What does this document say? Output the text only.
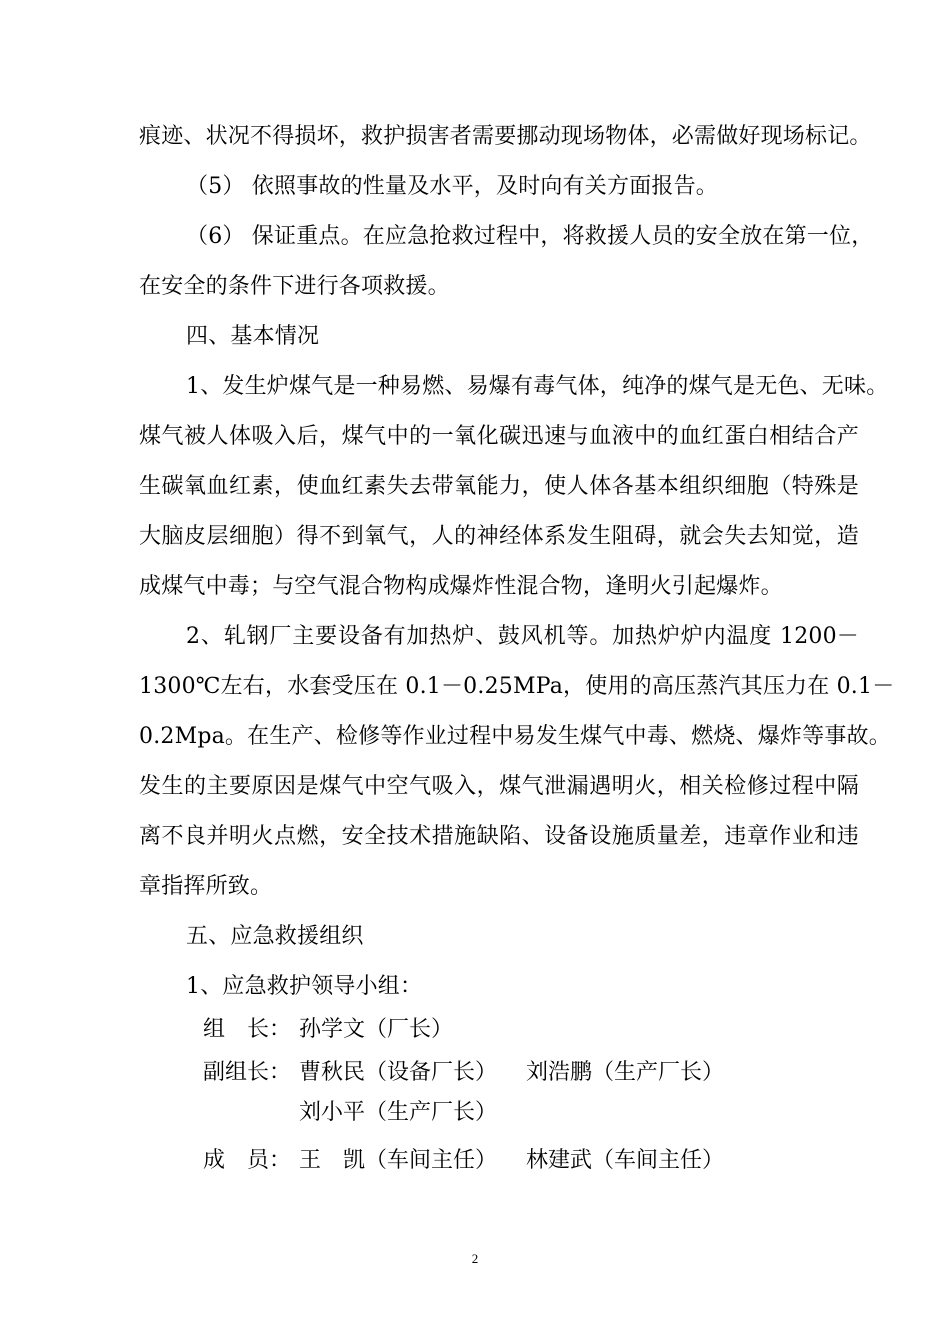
痕迹、状况不得损坏，救护损害者需要挪动现场物体，必需做好现场标记。
（5） 依照事故的性量及水平，及时向有关方面报告。
（6） 保证重点。在应急抢救过程中，将救援人员的安全放在第一位，
在安全的条件下进行各项救援。
四、基本情况
1、发生炉煤气是一种易燃、易爆有毒气体，纯净的煤气是无色、无味。
煤气被人体吸入后，煤气中的一氧化碳迅速与血液中的血红蛋白相结合产
生碳氧血红素，使血红素失去带氧能力，使人体各基本组织细胞（特殊是
大脑皮层细胞）得不到氧气，人的神经体系发生阻碍，就会失去知觉，造
成煤气中毒；与空气混合物构成爆炸性混合物，逢明火引起爆炸。
2、轧钢厂主要设备有加热炉、鼓风机等。加热炉炉内温度 1200－
1300℃左右，水套受压在 0.1－0.25MPa，使用的高压蒸汽其压力在 0.1－
0.2Mpa。在生产、检修等作业过程中易发生煤气中毒、燃烧、爆炸等事故。
发生的主要原因是煤气中空气吸入，煤气泄漏遇明火，相关检修过程中隔
离不良并明火点燃，安全技术措施缺陷、设备设施质量差，违章作业和违
章指挥所致。
五、应急救援组织
1、应急救护领导小组：
组　长： 孙学文（厂长）
副组长： 曹秋民（设备厂长） 刘浩鹏（生产厂长）
刘小平（生产厂长）
成　员： 王　凯（车间主任） 林建武（车间主任）
2
